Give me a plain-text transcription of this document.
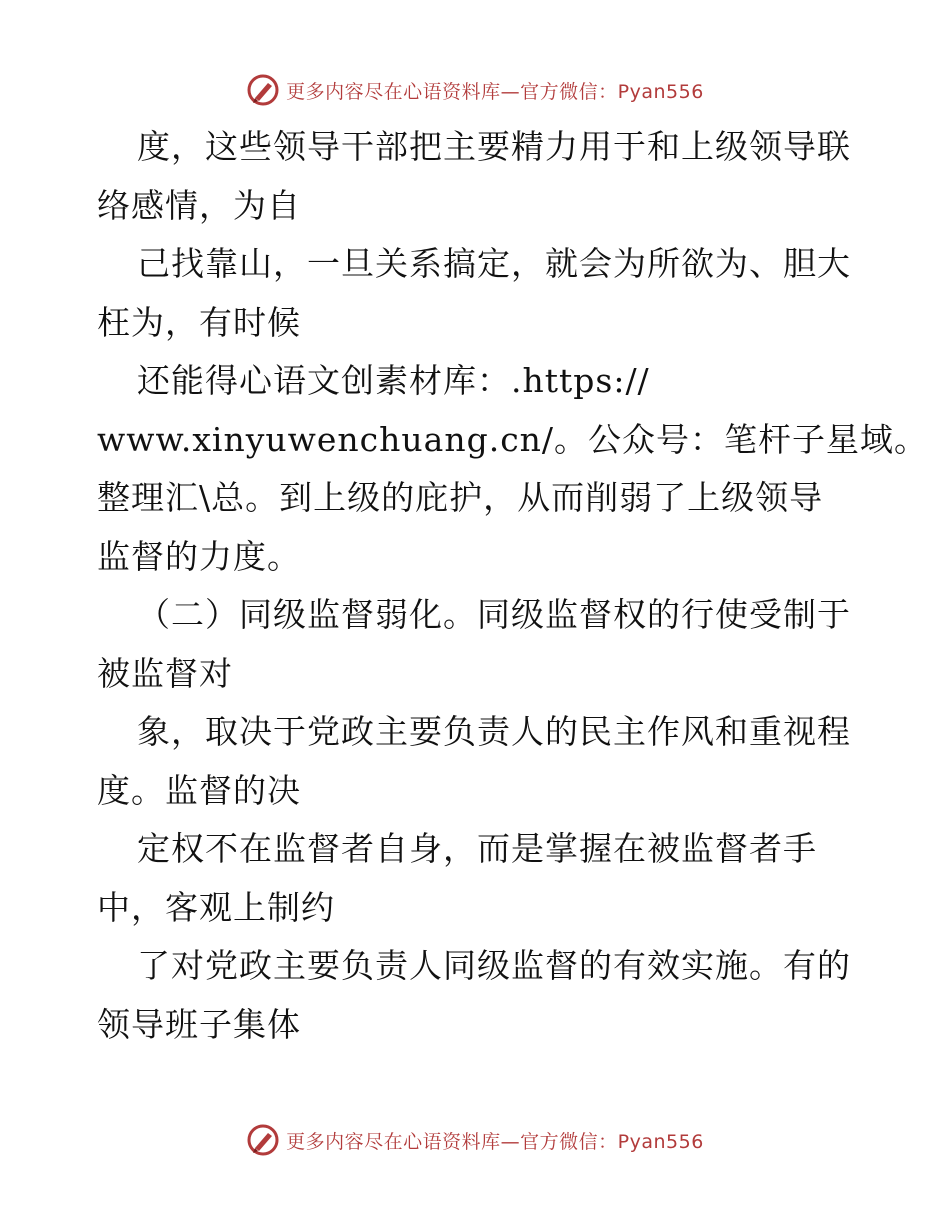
更多内容尽在心语资料库—官方微信：Pyan556
度，这些领导干部把主要精力用于和上级领导联
络感情，为自
己找靠山，一旦关系搞定，就会为所欲为、胆大
枉为，有时候
还能得心语文创素材库：.https://
www.xinyuwenchuang.cn/。公众号：笔杆子星域。
整理汇\总。到上级的庇护，从而削弱了上级领导
监督的力度。
（二）同级监督弱化。同级监督权的行使受制于
被监督对
象，取决于党政主要负责人的民主作风和重视程
度。监督的决
定权不在监督者自身，而是掌握在被监督者手
中，客观上制约
了对党政主要负责人同级监督的有效实施。有的
领导班子集体
更多内容尽在心语资料库—官方微信：Pyan556
